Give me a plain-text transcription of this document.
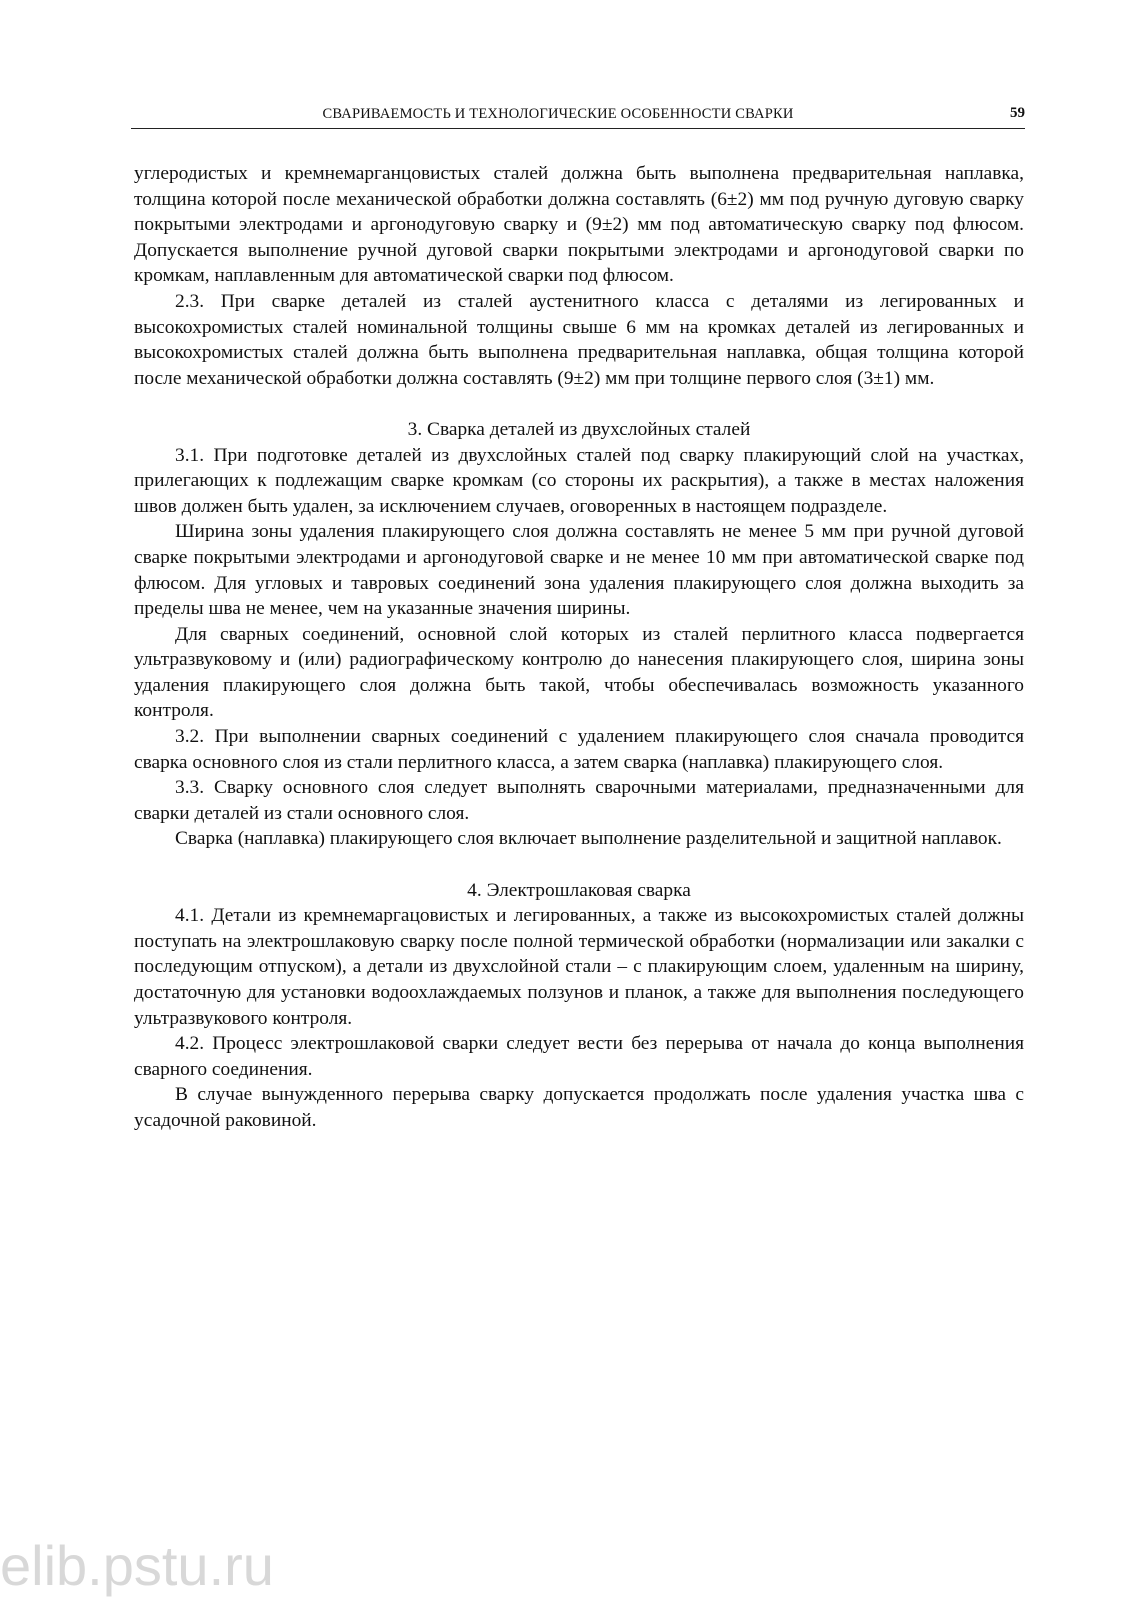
СВАРИВАЕМОСТЬ И ТЕХНОЛОГИЧЕСКИЕ ОСОБЕННОСТИ СВАРКИ	59

углеродистых и кремнемарганцовистых сталей должна быть выполнена предварительная наплавка, толщина которой после механической обработки должна составлять (6±2) мм под ручную дуговую сварку покрытыми электродами и аргонодуговую сварку и (9±2) мм под автоматическую сварку под флюсом. Допускается выполнение ручной дуговой сварки покрытыми электродами и аргонодуговой сварки по кромкам, наплавленным для автоматической сварки под флюсом.

2.3. При сварке деталей из сталей аустенитного класса с деталями из легированных и высокохромистых сталей номинальной толщины свыше 6 мм на кромках деталей из легированных и высокохромистых сталей должна быть выполнена предварительная наплавка, общая толщина которой после механической обработки должна составлять (9±2) мм при толщине первого слоя (3±1) мм.

3. Сварка деталей из двухслойных сталей

3.1. При подготовке деталей из двухслойных сталей под сварку плакирующий слой на участках, прилегающих к подлежащим сварке кромкам (со стороны их раскрытия), а также в местах наложения швов должен быть удален, за исключением случаев, оговоренных в настоящем подразделе.

Ширина зоны удаления плакирующего слоя должна составлять не менее 5 мм при ручной дуговой сварке покрытыми электродами и аргонодуговой сварке и не менее 10 мм при автоматической сварке под флюсом. Для угловых и тавровых соединений зона удаления плакирующего слоя должна выходить за пределы шва не менее, чем на указанные значения ширины.

Для сварных соединений, основной слой которых из сталей перлитного класса подвергается ультразвуковому и (или) радиографическому контролю до нанесения плакирующего слоя, ширина зоны удаления плакирующего слоя должна быть такой, чтобы обеспечивалась возможность указанного контроля.

3.2. При выполнении сварных соединений с удалением плакирующего слоя сначала проводится сварка основного слоя из стали перлитного класса, а затем сварка (наплавка) плакирующего слоя.

3.3. Сварку основного слоя следует выполнять сварочными материалами, предназначенными для сварки деталей из стали основного слоя.

Сварка (наплавка) плакирующего слоя включает выполнение разделительной и защитной наплавок.

4. Электрошлаковая сварка

4.1. Детали из кремнемаргацовистых и легированных, а также из высокохромистых сталей должны поступать на электрошлаковую сварку после полной термической обработки (нормализации или закалки с последующим отпуском), а детали из двухслойной стали – с плакирующим слоем, удаленным на ширину, достаточную для установки водоохлаждаемых ползунов и планок, а также для выполнения последующего ультразвукового контроля.

4.2. Процесс электрошлаковой сварки следует вести без перерыва от начала до конца выполнения сварного соединения.

В случае вынужденного перерыва сварку допускается продолжать после удаления участка шва с усадочной раковиной.

elib.pstu.ru
